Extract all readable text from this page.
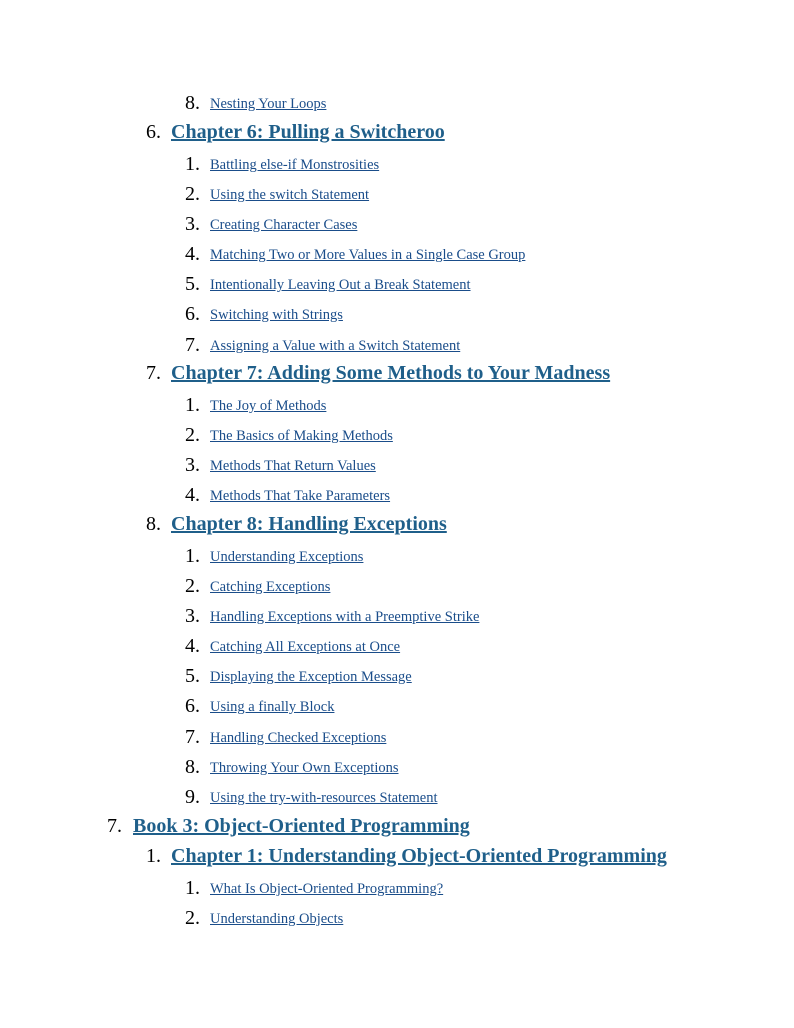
8. Nesting Your Loops
6. Chapter 6: Pulling a Switcheroo
1. Battling else-if Monstrosities
2. Using the switch Statement
3. Creating Character Cases
4. Matching Two or More Values in a Single Case Group
5. Intentionally Leaving Out a Break Statement
6. Switching with Strings
7. Assigning a Value with a Switch Statement
7. Chapter 7: Adding Some Methods to Your Madness
1. The Joy of Methods
2. The Basics of Making Methods
3. Methods That Return Values
4. Methods That Take Parameters
8. Chapter 8: Handling Exceptions
1. Understanding Exceptions
2. Catching Exceptions
3. Handling Exceptions with a Preemptive Strike
4. Catching All Exceptions at Once
5. Displaying the Exception Message
6. Using a finally Block
7. Handling Checked Exceptions
8. Throwing Your Own Exceptions
9. Using the try-with-resources Statement
7. Book 3: Object-Oriented Programming
1. Chapter 1: Understanding Object-Oriented Programming
1. What Is Object-Oriented Programming?
2. Understanding Objects
